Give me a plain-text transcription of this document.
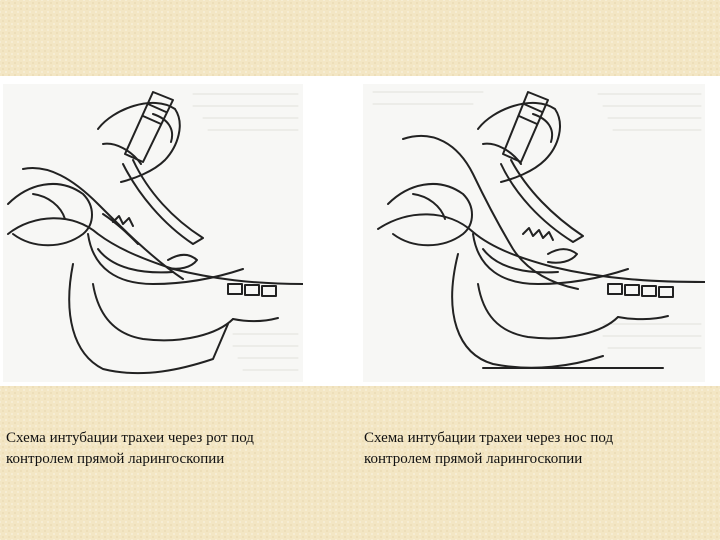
Схема интубации трахеи через рот под
контролем прямой ларингоскопии

Схема интубации трахеи через нос под
контролем прямой ларингоскопии
